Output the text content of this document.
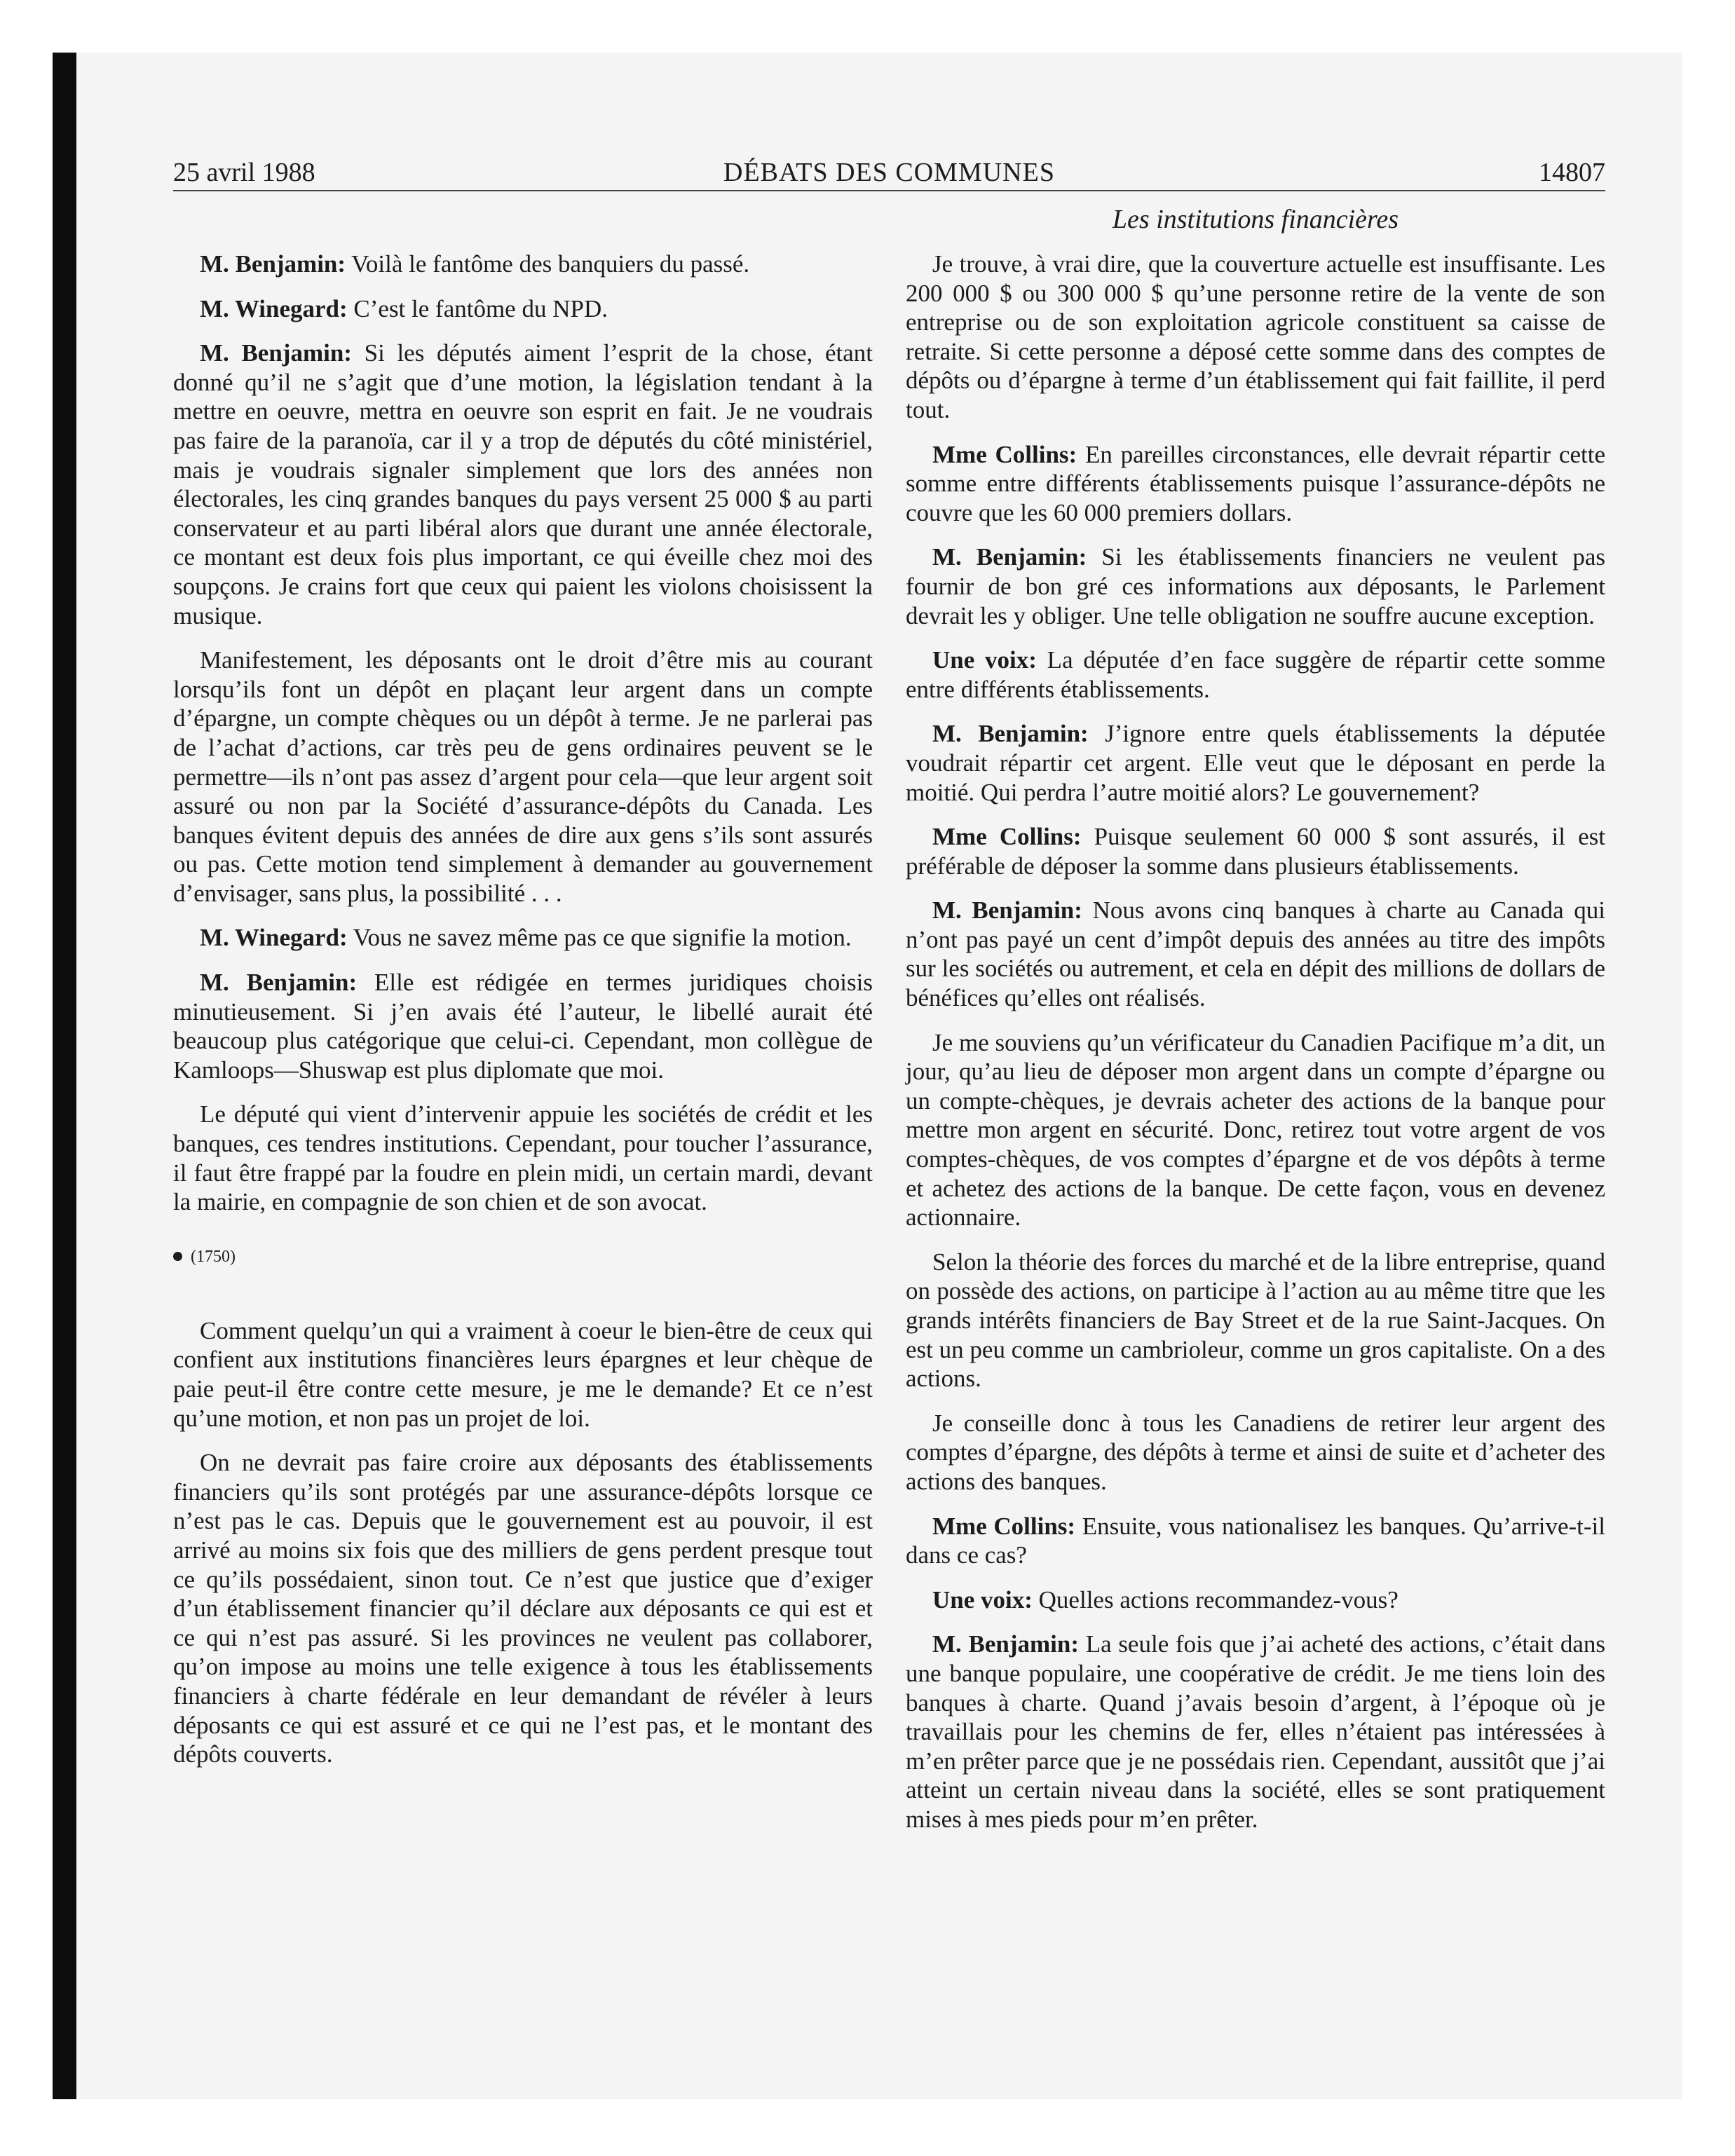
25 avril 1988	DÉBATS DES COMMUNES	14807
Les institutions financières

M. Benjamin: Voilà le fantôme des banquiers du passé.

M. Winegard: C’est le fantôme du NPD.

M. Benjamin: Si les députés aiment l’esprit de la chose, étant donné qu’il ne s’agit que d’une motion, la législation tendant à la mettre en oeuvre, mettra en oeuvre son esprit en fait. Je ne voudrais pas faire de la paranoïa, car il y a trop de députés du côté ministériel, mais je voudrais signaler simplement que lors des années non électorales, les cinq grandes banques du pays versent 25 000 $ au parti conservateur et au parti libéral alors que durant une année électorale, ce montant est deux fois plus important, ce qui éveille chez moi des soupçons. Je crains fort que ceux qui paient les violons choisissent la musique.

Manifestement, les déposants ont le droit d’être mis au courant lorsqu’ils font un dépôt en plaçant leur argent dans un compte d’épargne, un compte chèques ou un dépôt à terme. Je ne parlerai pas de l’achat d’actions, car très peu de gens ordinaires peuvent se le permettre—ils n’ont pas assez d’argent pour cela—que leur argent soit assuré ou non par la Société d’assurance-dépôts du Canada. Les banques évitent depuis des années de dire aux gens s’ils sont assurés ou pas. Cette motion tend simplement à demander au gouvernement d’envisager, sans plus, la possibilité . . .

M. Winegard: Vous ne savez même pas ce que signifie la motion.

M. Benjamin: Elle est rédigée en termes juridiques choisis minutieusement. Si j’en avais été l’auteur, le libellé aurait été beaucoup plus catégorique que celui-ci. Cependant, mon collègue de Kamloops—Shuswap est plus diplomate que moi.

Le député qui vient d’intervenir appuie les sociétés de crédit et les banques, ces tendres institutions. Cependant, pour toucher l’assurance, il faut être frappé par la foudre en plein midi, un certain mardi, devant la mairie, en compagnie de son chien et de son avocat.

(1750)

Comment quelqu’un qui a vraiment à coeur le bien-être de ceux qui confient aux institutions financières leurs épargnes et leur chèque de paie peut-il être contre cette mesure, je me le demande? Et ce n’est qu’une motion, et non pas un projet de loi.

On ne devrait pas faire croire aux déposants des établissements financiers qu’ils sont protégés par une assurance-dépôts lorsque ce n’est pas le cas. Depuis que le gouvernement est au pouvoir, il est arrivé au moins six fois que des milliers de gens perdent presque tout ce qu’ils possédaient, sinon tout. Ce n’est que justice que d’exiger d’un établissement financier qu’il déclare aux déposants ce qui est et ce qui n’est pas assuré. Si les provinces ne veulent pas collaborer, qu’on impose au moins une telle exigence à tous les établissements financiers à charte fédérale en leur demandant de révéler à leurs déposants ce qui est assuré et ce qui ne l’est pas, et le montant des dépôts couverts.

Je trouve, à vrai dire, que la couverture actuelle est insuffisante. Les 200 000 $ ou 300 000 $ qu’une personne retire de la vente de son entreprise ou de son exploitation agricole constituent sa caisse de retraite. Si cette personne a déposé cette somme dans des comptes de dépôts ou d’épargne à terme d’un établissement qui fait faillite, il perd tout.

Mme Collins: En pareilles circonstances, elle devrait répartir cette somme entre différents établissements puisque l’assurance-dépôts ne couvre que les 60 000 premiers dollars.

M. Benjamin: Si les établissements financiers ne veulent pas fournir de bon gré ces informations aux déposants, le Parlement devrait les y obliger. Une telle obligation ne souffre aucune exception.

Une voix: La députée d’en face suggère de répartir cette somme entre différents établissements.

M. Benjamin: J’ignore entre quels établissements la députée voudrait répartir cet argent. Elle veut que le déposant en perde la moitié. Qui perdra l’autre moitié alors? Le gouvernement?

Mme Collins: Puisque seulement 60 000 $ sont assurés, il est préférable de déposer la somme dans plusieurs établissements.

M. Benjamin: Nous avons cinq banques à charte au Canada qui n’ont pas payé un cent d’impôt depuis des années au titre des impôts sur les sociétés ou autrement, et cela en dépit des millions de dollars de bénéfices qu’elles ont réalisés.

Je me souviens qu’un vérificateur du Canadien Pacifique m’a dit, un jour, qu’au lieu de déposer mon argent dans un compte d’épargne ou un compte-chèques, je devrais acheter des actions de la banque pour mettre mon argent en sécurité. Donc, retirez tout votre argent de vos comptes-chèques, de vos comptes d’épargne et de vos dépôts à terme et achetez des actions de la banque. De cette façon, vous en devenez actionnaire.

Selon la théorie des forces du marché et de la libre entreprise, quand on possède des actions, on participe à l’action au au même titre que les grands intérêts financiers de Bay Street et de la rue Saint-Jacques. On est un peu comme un cambrioleur, comme un gros capitaliste. On a des actions.

Je conseille donc à tous les Canadiens de retirer leur argent des comptes d’épargne, des dépôts à terme et ainsi de suite et d’acheter des actions des banques.

Mme Collins: Ensuite, vous nationalisez les banques. Qu’arrive-t-il dans ce cas?

Une voix: Quelles actions recommandez-vous?

M. Benjamin: La seule fois que j’ai acheté des actions, c’était dans une banque populaire, une coopérative de crédit. Je me tiens loin des banques à charte. Quand j’avais besoin d’argent, à l’époque où je travaillais pour les chemins de fer, elles n’étaient pas intéressées à m’en prêter parce que je ne possédais rien. Cependant, aussitôt que j’ai atteint un certain niveau dans la société, elles se sont pratiquement mises à mes pieds pour m’en prêter.
